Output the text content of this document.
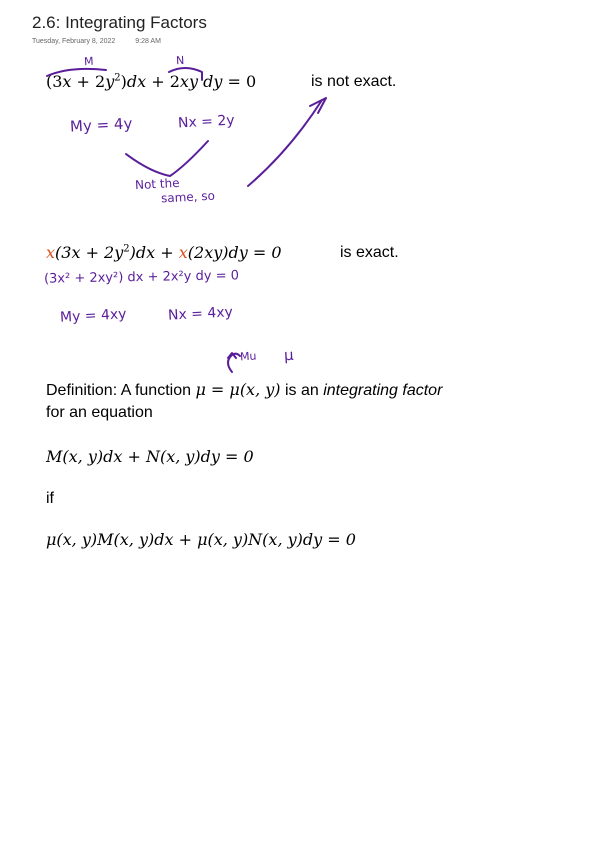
2.6: Integrating Factors
Tuesday, February 8, 2022	9:28 AM
$(3x + 2y^2)dx + 2xy$ dy = 0	is not exact.
$x(3x + 2y^2)dx + x(2xy)dy = 0$	is exact.
M	N
My = 4y	Nx = 2y
Not the
same, so
(3x² + 2xy²) dx + 2x²y dy = 0
My = 4xy	Nx = 4xy
Mu μ
Definition: A function μ = μ(x, y) is an integrating factor
for an equation
M(x, y)dx + N(x, y)dy = 0
if
μ(x, y)M(x, y)dx + μ(x, y)N(x, y)dy = 0
